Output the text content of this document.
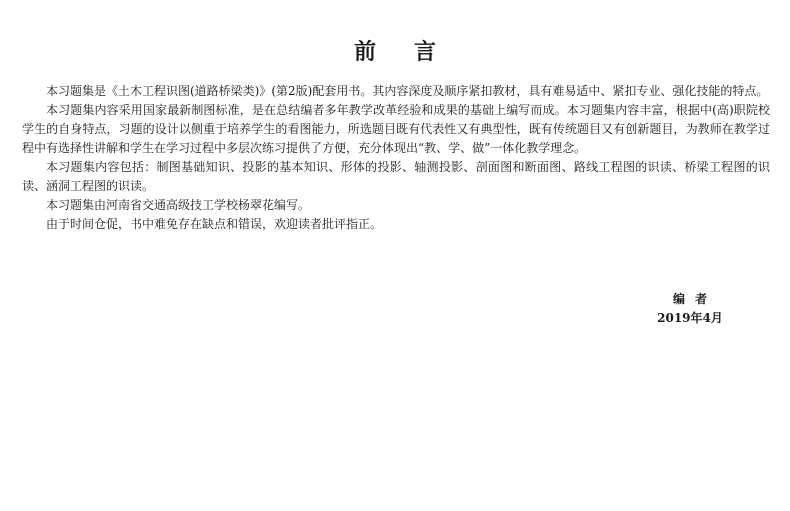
前言

本习题集是《土木工程识图(道路桥梁类)》(第2版)配套用书。其内容深度及顺序紧扣教材，具有难易适中、紧扣专业、强化技能的特点。

本习题集内容采用国家最新制图标准，是在总结编者多年教学改革经验和成果的基础上编写而成。本习题集内容丰富，根据中(高)职院校学生的自身特点，习题的设计以侧重于培养学生的看图能力，所选题目既有代表性又有典型性，既有传统题目又有创新题目，为教师在教学过程中有选择性讲解和学生在学习过程中多层次练习提供了方便，充分体现出“教、学、做”一体化教学理念。

本习题集内容包括：制图基础知识、投影的基本知识、形体的投影、轴测投影、剖面图和断面图、路线工程图的识读、桥梁工程图的识读、涵洞工程图的识读。

本习题集由河南省交通高级技工学校杨翠花编写。

由于时间仓促，书中难免存在缺点和错误，欢迎读者批评指正。

编者
2019年4月
